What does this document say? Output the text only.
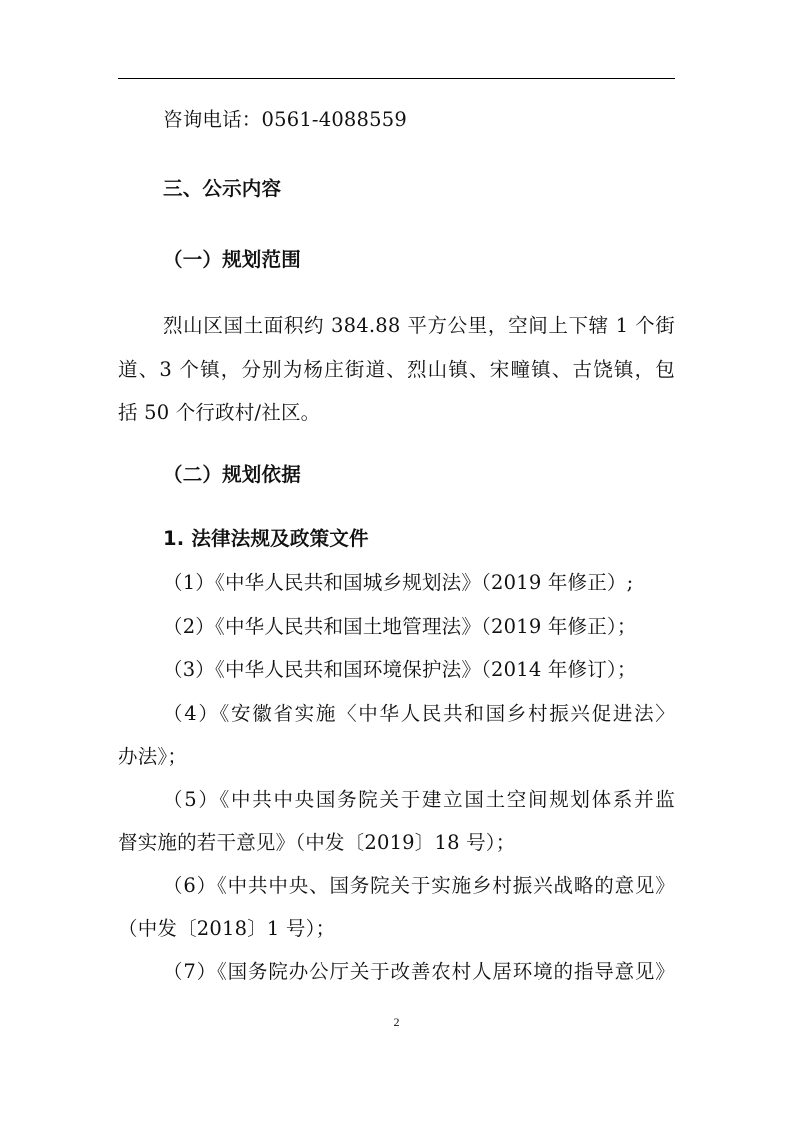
咨询电话：0561-4088559
三、公示内容
（一）规划范围
烈山区国土面积约 384.88 平方公里，空间上下辖 1 个街
道、3 个镇，分别为杨庄街道、烈山镇、宋疃镇、古饶镇，包
括 50 个行政村/社区。
（二）规划依据
1. 法律法规及政策文件
（1）《中华人民共和国城乡规划法》（2019 年修正）;
（2）《中华人民共和国土地管理法》（2019 年修正）；
（3）《中华人民共和国环境保护法》（2014 年修订）；
（4）《安徽省实施〈中华人民共和国乡村振兴促进法〉
办法》；
（5）《中共中央国务院关于建立国土空间规划体系并监
督实施的若干意见》（中发〔2019〕18 号）；
（6）《中共中央、国务院关于实施乡村振兴战略的意见》
（中发〔2018〕1 号）；
（7）《国务院办公厅关于改善农村人居环境的指导意见》
2
